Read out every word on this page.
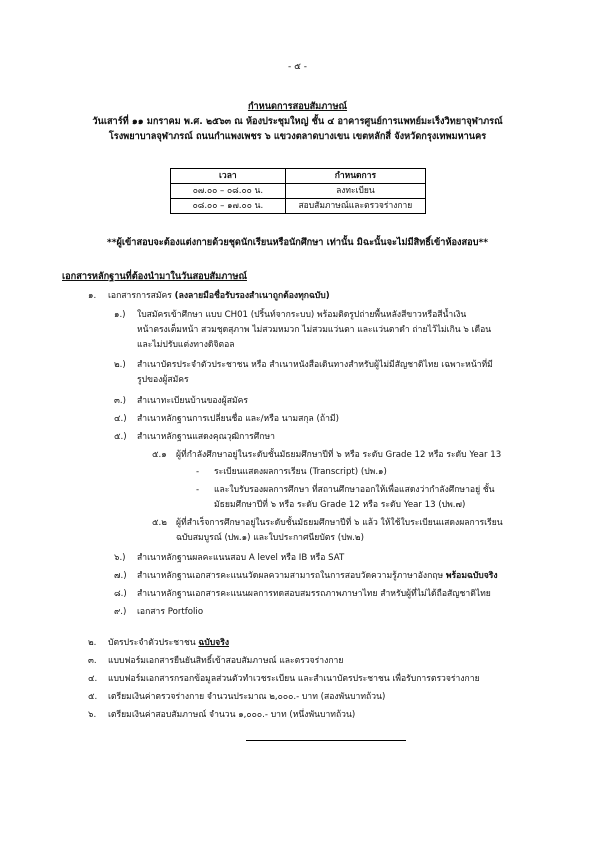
- ๕ -
กำหนดการสอบสัมภาษณ์
วันเสาร์ที่ ๑๑ มกราคม พ.ศ. ๒๕๖๓ ณ ห้องประชุมใหญ่ ชั้น ๔ อาคารศูนย์การแพทย์มะเร็งวิทยาจุฬาภรณ์
โรงพยาบาลจุฬาภรณ์ ถนนกำแพงเพชร ๖ แขวงตลาดบางเขน เขตหลักสี่ จังหวัดกรุงเทพมหานคร
เวลา	กำหนดการ
๐๗.๐๐ – ๐๘.๐๐ น.	ลงทะเบียน
๐๘.๐๐ – ๑๗.๐๐ น.	สอบสัมภาษณ์และตรวจร่างกาย
**ผู้เข้าสอบจะต้องแต่งกายด้วยชุดนักเรียนหรือนักศึกษา เท่านั้น มิฉะนั้นจะไม่มีสิทธิ์เข้าห้องสอบ**
เอกสารหลักฐานที่ต้องนำมาในวันสอบสัมภาษณ์
๑. เอกสารการสมัคร (ลงลายมือชื่อรับรองสำเนาถูกต้องทุกฉบับ)
๑.) ใบสมัครเข้าศึกษา แบบ CH01 (ปริ้นท์จากระบบ) พร้อมติดรูปถ่ายพื้นหลังสีขาวหรือสีน้ำเงิน
หน้าตรงเต็มหน้า สวมชุดสุภาพ ไม่สวมหมวก ไม่สวมแว่นตา และแว่นตาดำ ถ่ายไว้ไม่เกิน ๖ เดือน
และไม่ปรับแต่งทางดิจิตอล
๒.) สำเนาบัตรประจำตัวประชาชน หรือ สำเนาหนังสือเดินทางสำหรับผู้ไม่มีสัญชาติไทย เฉพาะหน้าที่มี
รูปของผู้สมัคร
๓.) สำเนาทะเบียนบ้านของผู้สมัคร
๔.) สำเนาหลักฐานการเปลี่ยนชื่อ และ/หรือ นามสกุล (ถ้ามี)
๕.) สำเนาหลักฐานแสดงคุณวุฒิการศึกษา
๕.๑ ผู้ที่กำลังศึกษาอยู่ในระดับชั้นมัธยมศึกษาปีที่ ๖ หรือ ระดับ Grade 12 หรือ ระดับ Year 13
- ระเบียนแสดงผลการเรียน (Transcript) (ปพ.๑)
- และใบรับรองผลการศึกษา ที่สถานศึกษาออกให้เพื่อแสดงว่ากำลังศึกษาอยู่ ชั้น
มัธยมศึกษาปีที่ ๖ หรือ ระดับ Grade 12 หรือ ระดับ Year 13 (ปพ.๗)
๕.๒ ผู้ที่สำเร็จการศึกษาอยู่ในระดับชั้นมัธยมศึกษาปีที่ ๖ แล้ว ให้ใช้ใบระเบียนแสดงผลการเรียน
ฉบับสมบูรณ์ (ปพ.๑) และใบประกาศนียบัตร (ปพ.๒)
๖.) สำเนาหลักฐานผลคะแนนสอบ A level หรือ IB หรือ SAT
๗.) สำเนาหลักฐานเอกสารคะแนนวัดผลความสามารถในการสอบวัดความรู้ภาษาอังกฤษ พร้อมฉบับจริง
๘.) สำเนาหลักฐานเอกสารคะแนนผลการทดสอบสมรรถภาพภาษาไทย สำหรับผู้ที่ไม่ได้ถือสัญชาติไทย
๙.) เอกสาร Portfolio
๒. บัตรประจำตัวประชาชน ฉบับจริง
๓. แบบฟอร์มเอกสารยืนยันสิทธิ์เข้าสอบสัมภาษณ์ และตรวจร่างกาย
๔. แบบฟอร์มเอกสารกรอกข้อมูลส่วนตัวทำเวชระเบียน และสำเนาบัตรประชาชน เพื่อรับการตรวจร่างกาย
๕. เตรียมเงินค่าตรวจร่างกาย จำนวนประมาณ ๒,๐๐๐.- บาท (สองพันบาทถ้วน)
๖. เตรียมเงินค่าสอบสัมภาษณ์ จำนวน ๑,๐๐๐.- บาท (หนึ่งพันบาทถ้วน)
